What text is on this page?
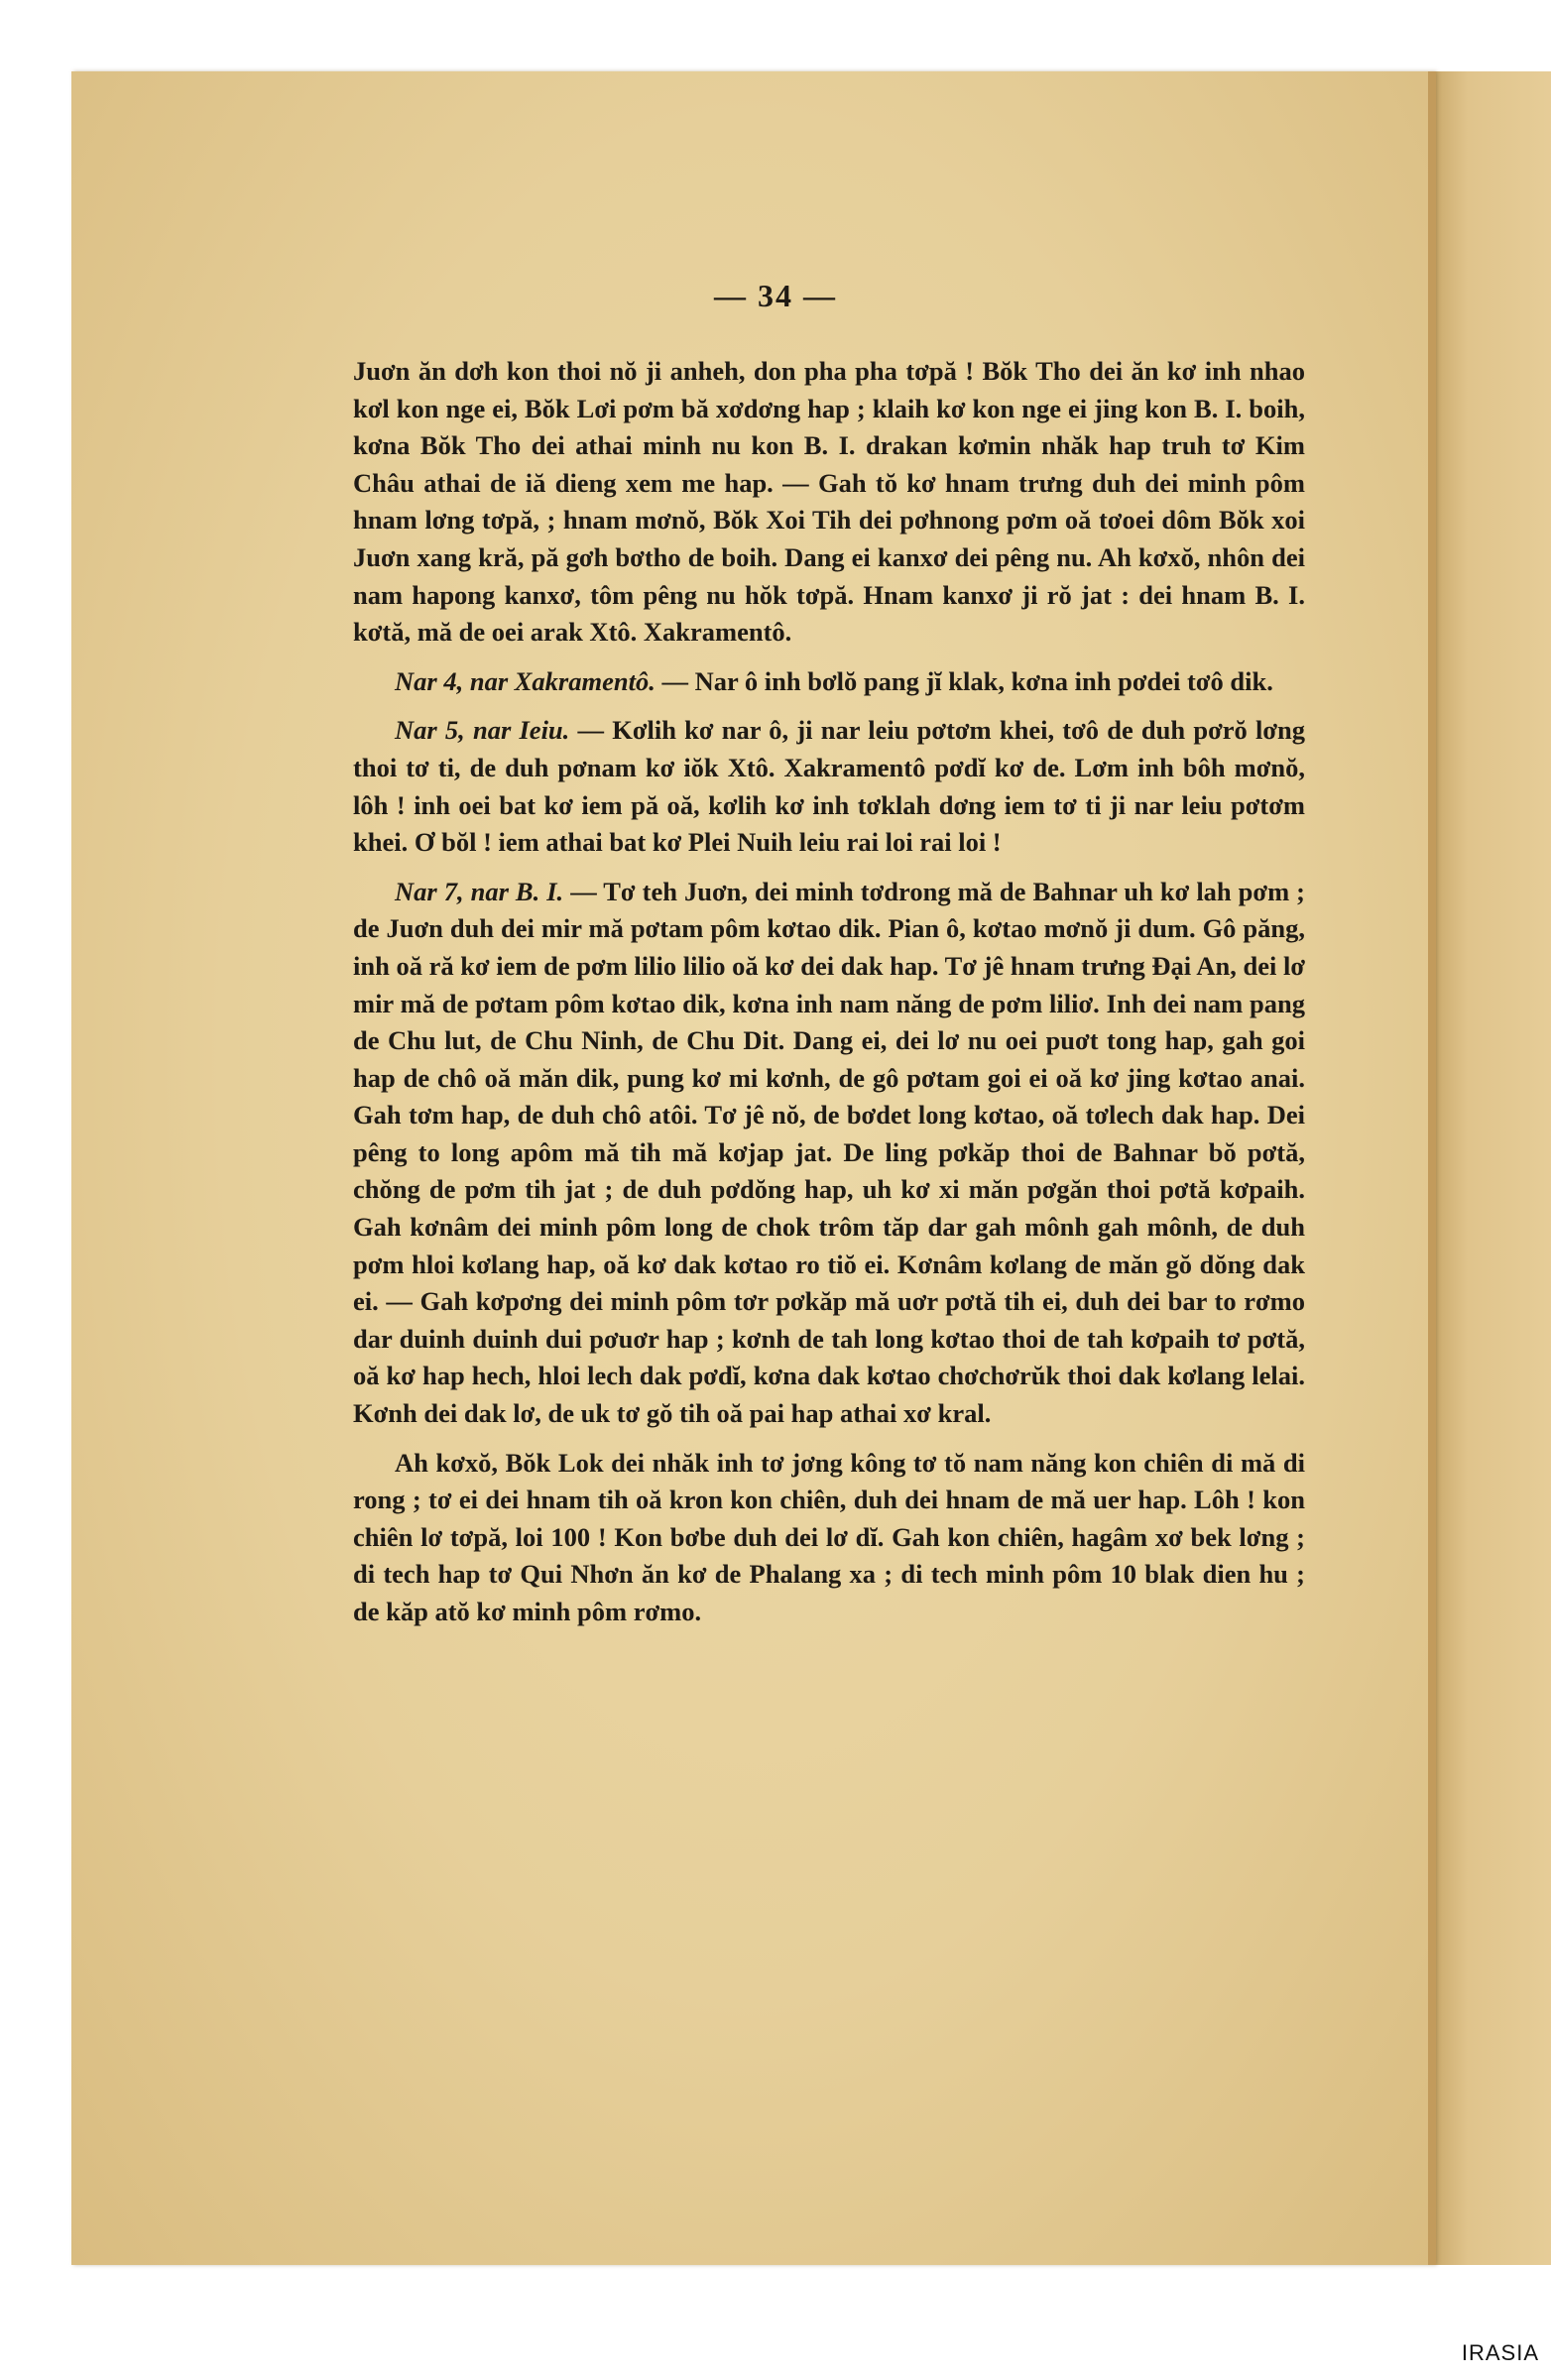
— 34 —

Juơn ăn dơh kon thoi nŏ ji anheh, don pha pha tơpă ! Bŏk Tho dei ăn kơ inh nhao kơl kon nge ei, Bŏk Lơi pơm bă xơdơng hap ; klaih kơ kon nge ei jing kon B. I. boih, kơna Bŏk Tho dei athai minh nu kon B. I. drakan kơmin nhăk hap truh tơ Kim Châu athai de iă dieng xem me hap. — Gah tŏ kơ hnam trưng duh dei minh pôm hnam lơng tơpă, ; hnam mơnŏ, Bŏk Xoi Tih dei pơhnong pơm oă tơoei dôm Bŏk xoi Juơn xang kră, pă gơh bơtho de boih. Dang ei kanxơ dei pêng nu. Ah kơxŏ, nhôn dei nam hapong kanxơ, tôm pêng nu hŏk tơpă. Hnam kanxơ ji rŏ jat : dei hnam B. I. kơtă, mă de oei arak Xtô. Xakramentô.

Nar 4, nar Xakramentô. — Nar ô inh bơlŏ pang jĭ klak, kơna inh pơdei tơô dik.

Nar 5, nar Ieiu. — Kơlih kơ nar ô, ji nar leiu pơtơm khei, tơô de duh pơrŏ lơng thoi tơ ti, de duh pơnam kơ iŏk Xtô. Xakramentô pơdĭ kơ de. Lơm inh bôh mơnŏ, lôh ! inh oei bat kơ iem pă oă, kơlih kơ inh tơklah dơng iem tơ ti ji nar leiu pơtơm khei. Ơ bŏl ! iem athai bat kơ Plei Nuih leiu rai loi rai loi !

Nar 7, nar B. I. — Tơ teh Juơn, dei minh tơdrong mă de Bahnar uh kơ lah pơm ; de Juơn duh dei mir mă pơtam pôm kơtao dik. Pian ô, kơtao mơnŏ ji dum. Gô păng, inh oă ră kơ iem de pơm lilio lilio oă kơ dei dak hap. Tơ jê hnam trưng Đại An, dei lơ mir mă de pơtam pôm kơtao dik, kơna inh nam năng de pơm liliơ. Inh dei nam pang de Chu lut, de Chu Ninh, de Chu Dit. Dang ei, dei lơ nu oei puơt tong hap, gah goi hap de chô oă măn dik, pung kơ mi kơnh, de gô pơtam goi ei oă kơ jing kơtao anai. Gah tơm hap, de duh chô atôi. Tơ jê nŏ, de bơdet long kơtao, oă tơlech dak hap. Dei pêng to long apôm mă tih mă kơjap jat. De ling pơkăp thoi de Bahnar bŏ pơtă, chŏng de pơm tih jat ; de duh pơdŏng hap, uh kơ xi măn pơgăn thoi pơtă kơpaih. Gah kơnâm dei minh pôm long de chok trôm tăp dar gah mônh gah mônh, de duh pơm hloi kơlang hap, oă kơ dak kơtao ro tiŏ ei. Kơnâm kơlang de măn gŏ dŏng dak ei. — Gah kơpơng dei minh pôm tơr pơkăp mă uơr pơtă tih ei, duh dei bar to rơmo dar duinh duinh dui pơuơr hap ; kơnh de tah long kơtao thoi de tah kơpaih tơ pơtă, oă kơ hap hech, hloi lech dak pơdĭ, kơna dak kơtao chơchơrŭk thoi dak kơlang lelai. Kơnh dei dak lơ, de uk tơ gŏ tih oă pai hap athai xơ kral.

Ah kơxŏ, Bŏk Lok dei nhăk inh tơ jơng kông tơ tŏ nam năng kon chiên di mă di rong ; tơ ei dei hnam tih oă kron kon chiên, duh dei hnam de mă uer hap. Lôh ! kon chiên lơ tơpă, loi 100 ! Kon bơbe duh dei lơ dĭ. Gah kon chiên, hagâm xơ bek lơng ; di tech hap tơ Qui Nhơn ăn kơ de Phalang xa ; di tech minh pôm 10 blak dien hu ; de kăp atŏ kơ minh pôm rơmo.

IRASIA
